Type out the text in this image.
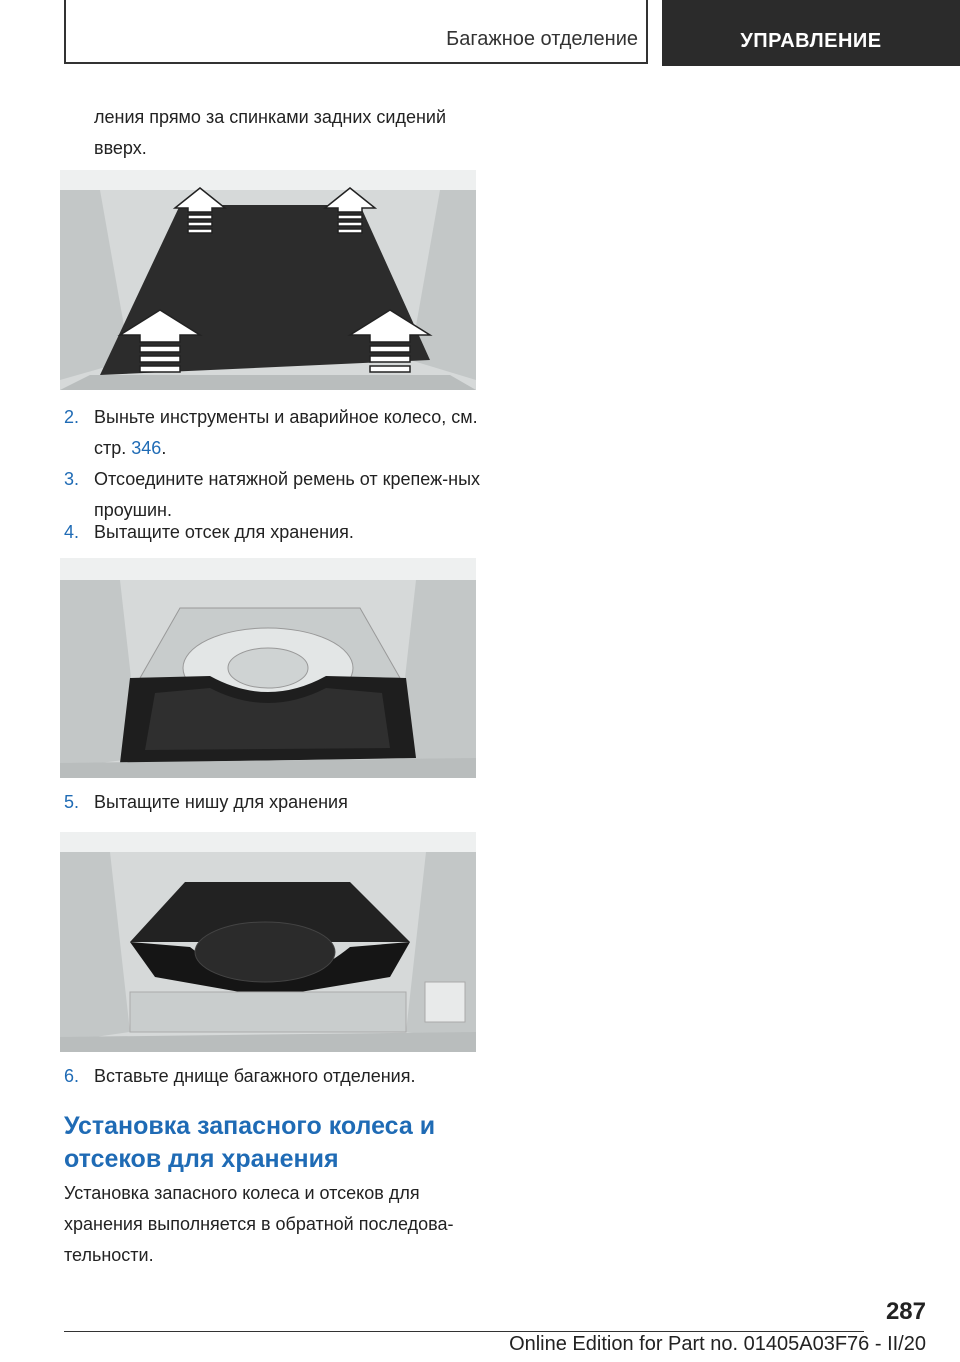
Багажное отделение	УПРАВЛЕНИЕ
ления прямо за спинками задних сидений вверх.
2. Выньте инструменты и аварийное колесо, см. стр. 346.
3. Отсоедините натяжной ремень от крепеж-ных проушин.
4. Вытащите отсек для хранения.
5. Вытащите нишу для хранения
6. Вставьте днище багажного отделения.
Установка запасного колеса и отсеков для хранения
Установка запасного колеса и отсеков для хранения выполняется в обратной последова-тельности.
287
Online Edition for Part no. 01405A03F76 - II/20
